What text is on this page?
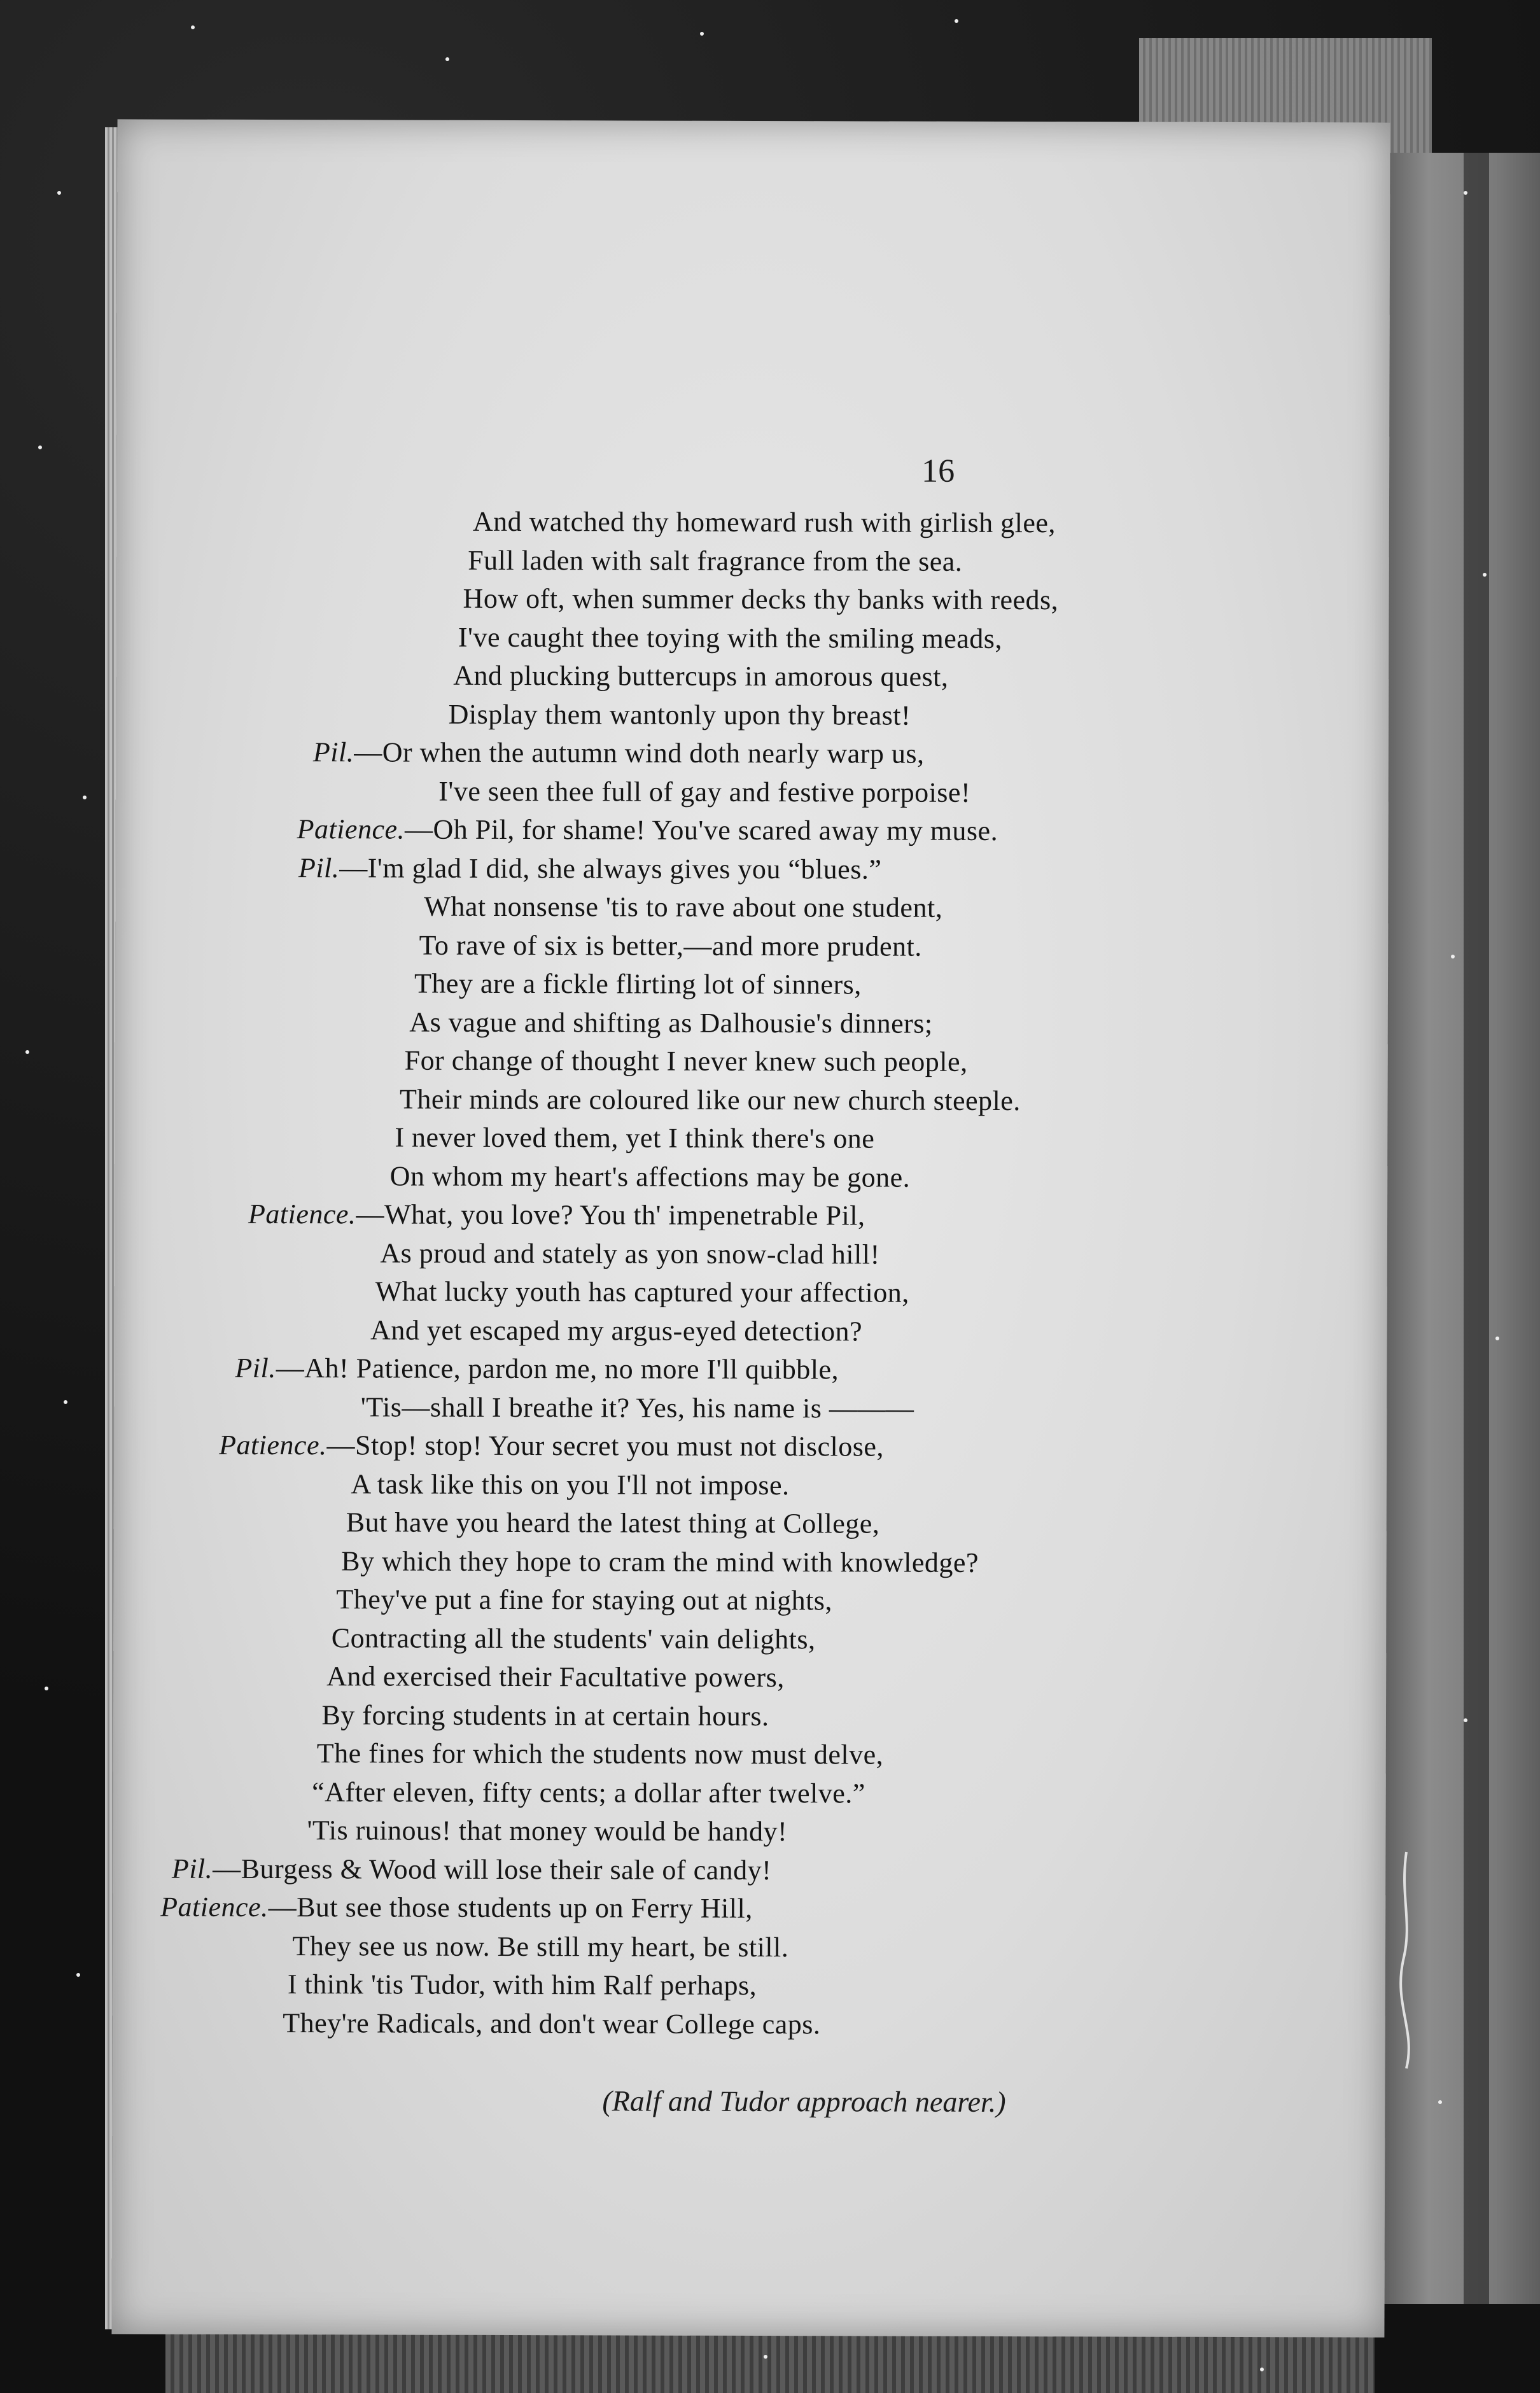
16
And watched thy homeward rush with girlish glee,
Full laden with salt fragrance from the sea.
How oft, when summer decks thy banks with reeds,
I've caught thee toying with the smiling meads,
And plucking buttercups in amorous quest,
Display them wantonly upon thy breast!
Pil.—Or when the autumn wind doth nearly warp us,
I've seen thee full of gay and festive porpoise!
Patience.—Oh Pil, for shame! You've scared away my muse.
Pil.—I'm glad I did, she always gives you “blues.”
What nonsense 'tis to rave about one student,
To rave of six is better,—and more prudent.
They are a fickle flirting lot of sinners,
As vague and shifting as Dalhousie's dinners;
For change of thought I never knew such people,
Their minds are coloured like our new church steeple.
I never loved them, yet I think there's one
On whom my heart's affections may be gone.
Patience.—What, you love? You th' impenetrable Pil,
As proud and stately as yon snow-clad hill!
What lucky youth has captured your affection,
And yet escaped my argus-eyed detection?
Pil.—Ah! Patience, pardon me, no more I'll quibble,
'Tis—shall I breathe it? Yes, his name is ———
Patience.—Stop! stop! Your secret you must not disclose,
A task like this on you I'll not impose.
But have you heard the latest thing at College,
By which they hope to cram the mind with knowledge?
They've put a fine for staying out at nights,
Contracting all the students' vain delights,
And exercised their Facultative powers,
By forcing students in at certain hours.
The fines for which the students now must delve,
“After eleven, fifty cents; a dollar after twelve.”
'Tis ruinous! that money would be handy!
Pil.—Burgess & Wood will lose their sale of candy!
Patience.—But see those students up on Ferry Hill,
They see us now. Be still my heart, be still.
I think 'tis Tudor, with him Ralf perhaps,
They're Radicals, and don't wear College caps.
(Ralf and Tudor approach nearer.)
